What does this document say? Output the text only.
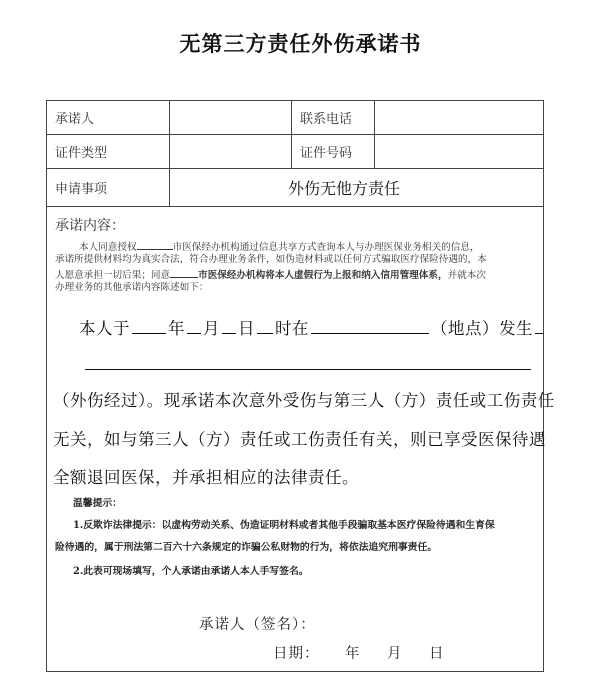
无第三方责任外伤承诺书
承诺人	联系电话
证件类型	证件号码
申请事项	外伤无他方责任
承诺内容：
本人同意授权	市医保经办机构通过信息共享方式查询本人与办理医保业务相关的信息，
承诺所提供材料均为真实合法，符合办理业务条件，如伪造材料或以任何方式骗取医疗保险待遇的，本
人愿意承担一切后果；同意	市医保经办机构将本人虚假行为上报和纳入信用管理体系，并就本次
办理业务的其他承诺内容陈述如下：
本人于 年 月 日 时在	（地点）发生
（外伤经过）。现承诺本次意外受伤与第三人（方）责任或工伤责任
无关，如与第三人（方）责任或工伤责任有关，则已享受医保待遇
全额退回医保，并承担相应的法律责任。
温馨提示：
1.反欺诈法律提示：以虚构劳动关系、伪造证明材料或者其他手段骗取基本医疗保险待遇和生育保
险待遇的，属于刑法第二百六十六条规定的诈骗公私财物的行为，将依法追究刑事责任。
2.此表可现场填写，个人承诺由承诺人本人手写签名。
承诺人（签名）：
日期： 年 月 日
